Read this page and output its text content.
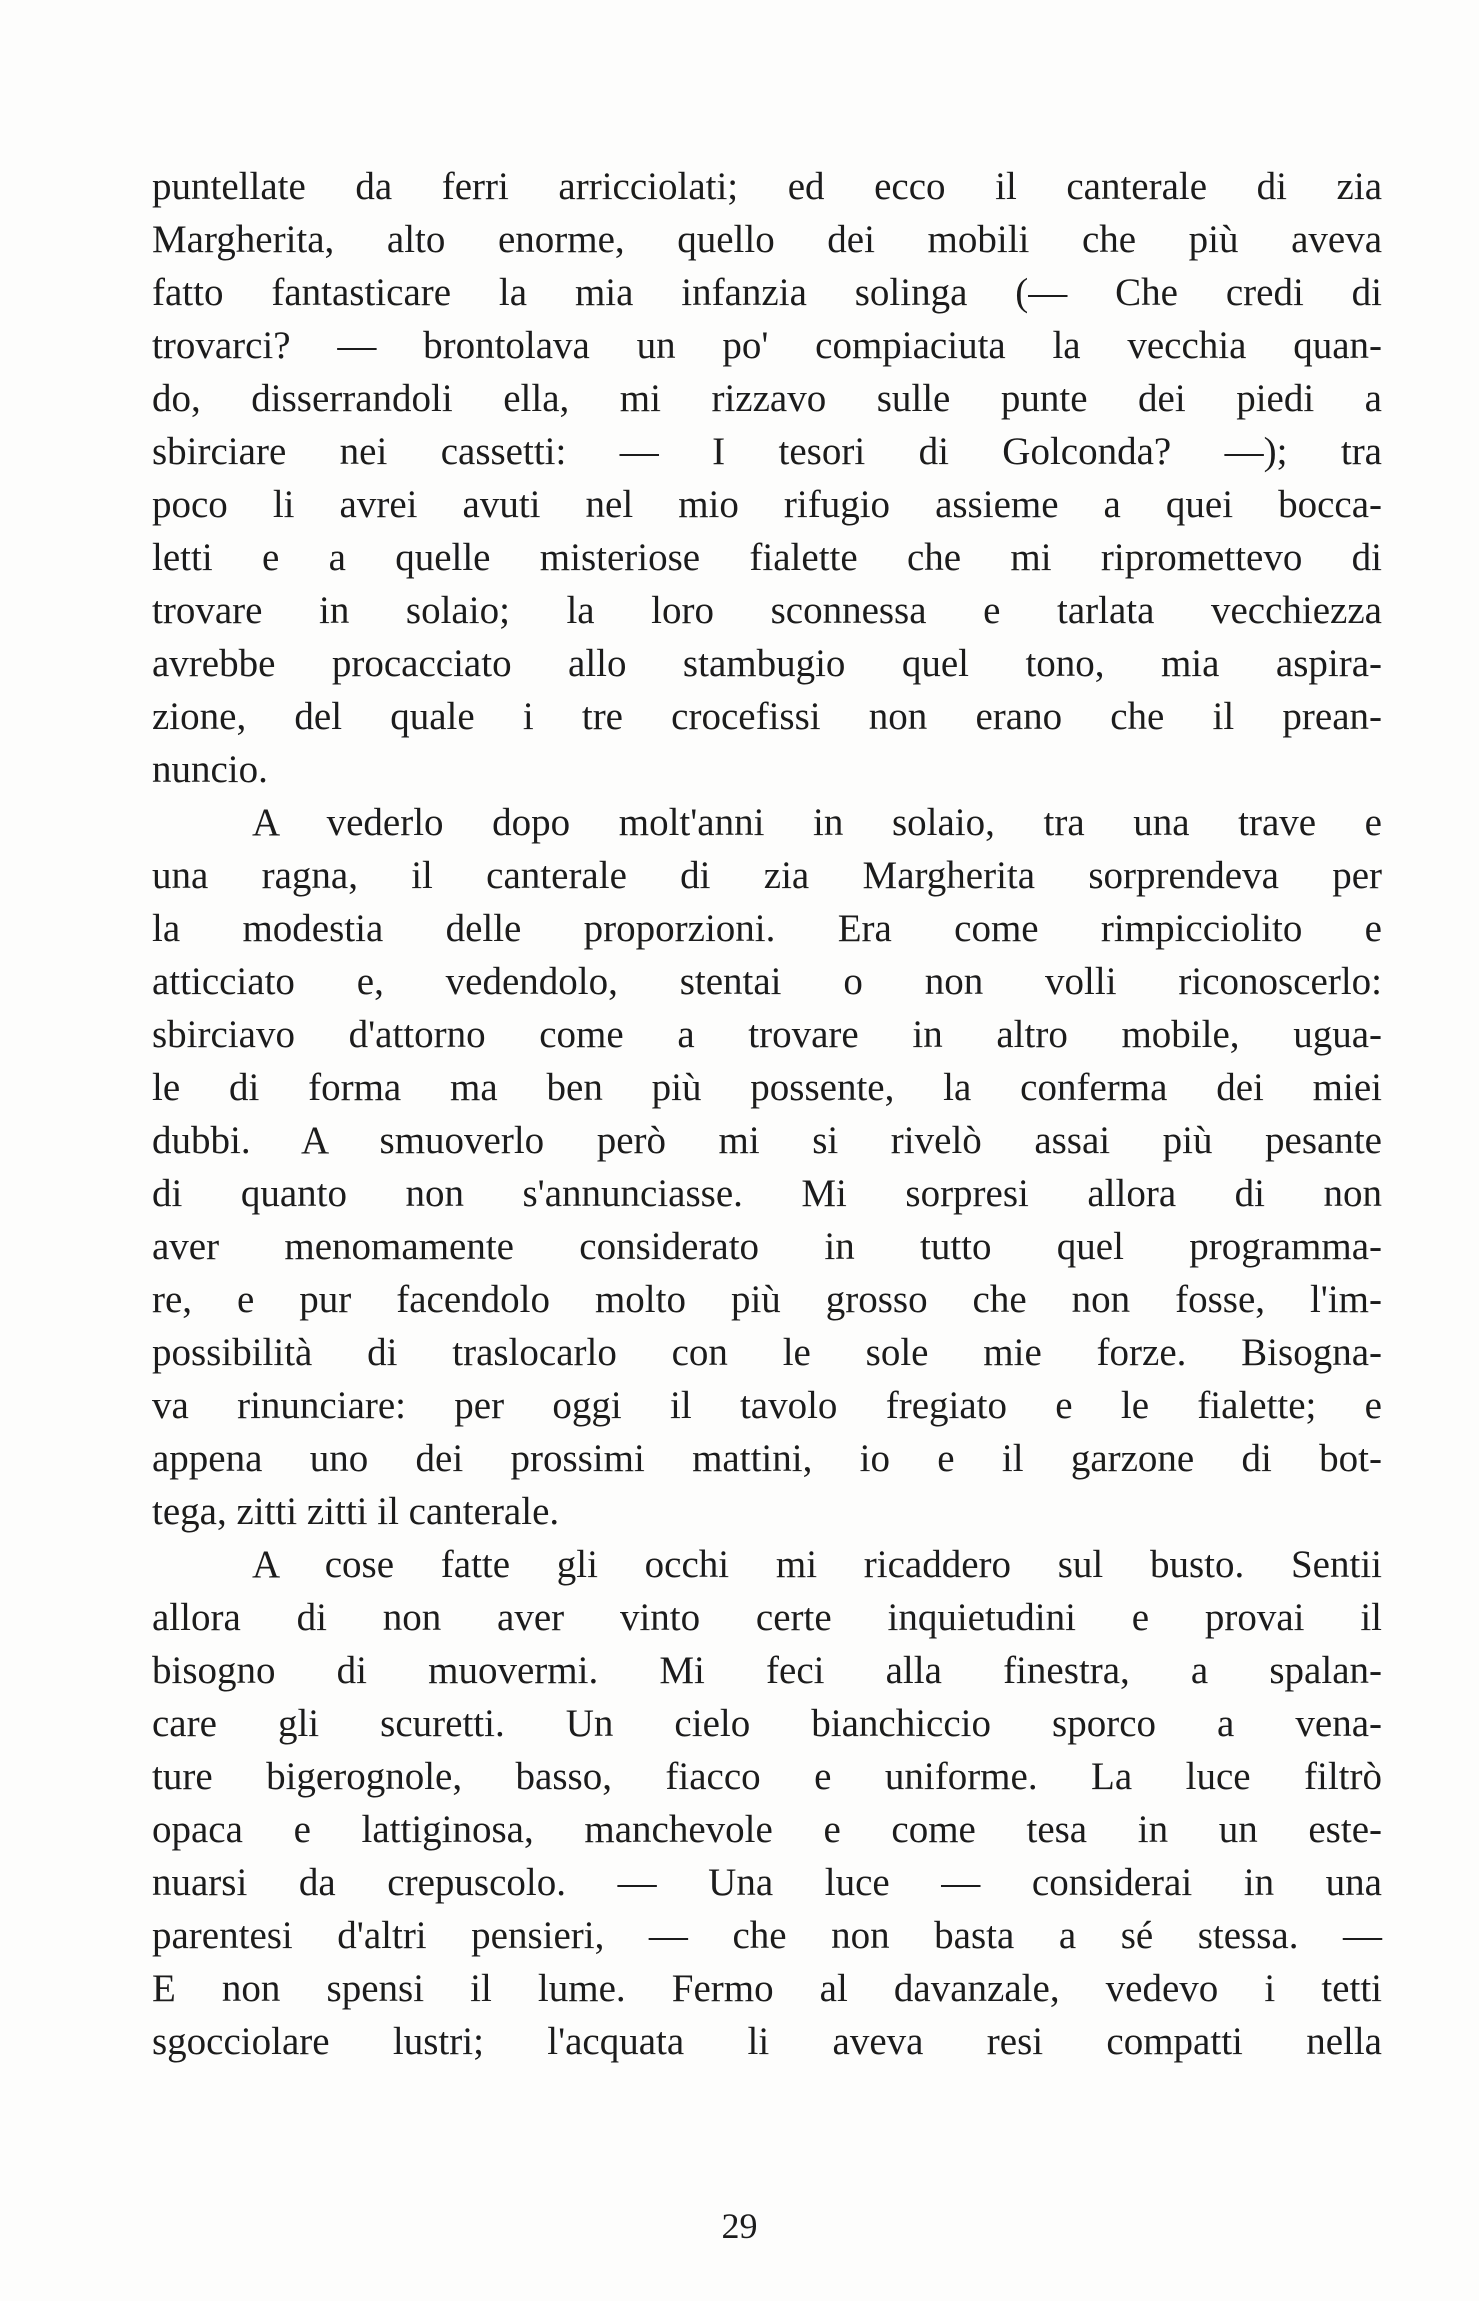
puntellate da ferri arricciolati; ed ecco il canterale di zia
Margherita, alto enorme, quello dei mobili che più aveva
fatto fantasticare la mia infanzia solinga (— Che credi di
trovarci? — brontolava un po' compiaciuta la vecchia quan-
do, disserrandoli ella, mi rizzavo sulle punte dei piedi a
sbirciare nei cassetti: — I tesori di Golconda? —); tra
poco li avrei avuti nel mio rifugio assieme a quei bocca-
letti e a quelle misteriose fialette che mi ripromettevo di
trovare in solaio; la loro sconnessa e tarlata vecchiezza
avrebbe procacciato allo stambugio quel tono, mia aspira-
zione, del quale i tre crocefissi non erano che il prean-
nuncio.
A vederlo dopo molt'anni in solaio, tra una trave e
una ragna, il canterale di zia Margherita sorprendeva per
la modestia delle proporzioni. Era come rimpicciolito e
atticciato e, vedendolo, stentai o non volli riconoscerlo:
sbirciavo d'attorno come a trovare in altro mobile, ugua-
le di forma ma ben più possente, la conferma dei miei
dubbi. A smuoverlo però mi si rivelò assai più pesante
di quanto non s'annunciasse. Mi sorpresi allora di non
aver menomamente considerato in tutto quel programma-
re, e pur facendolo molto più grosso che non fosse, l'im-
possibilità di traslocarlo con le sole mie forze. Bisogna-
va rinunciare: per oggi il tavolo fregiato e le fialette; e
appena uno dei prossimi mattini, io e il garzone di bot-
tega, zitti zitti il canterale.
A cose fatte gli occhi mi ricaddero sul busto. Sentii
allora di non aver vinto certe inquietudini e provai il
bisogno di muovermi. Mi feci alla finestra, a spalan-
care gli scuretti. Un cielo bianchiccio sporco a vena-
ture bigerognole, basso, fiacco e uniforme. La luce filtrò
opaca e lattiginosa, manchevole e come tesa in un este-
nuarsi da crepuscolo. — Una luce — considerai in una
parentesi d'altri pensieri, — che non basta a sé stessa. —
E non spensi il lume. Fermo al davanzale, vedevo i tetti
sgocciolare lustri; l'acquata li aveva resi compatti nella
29
